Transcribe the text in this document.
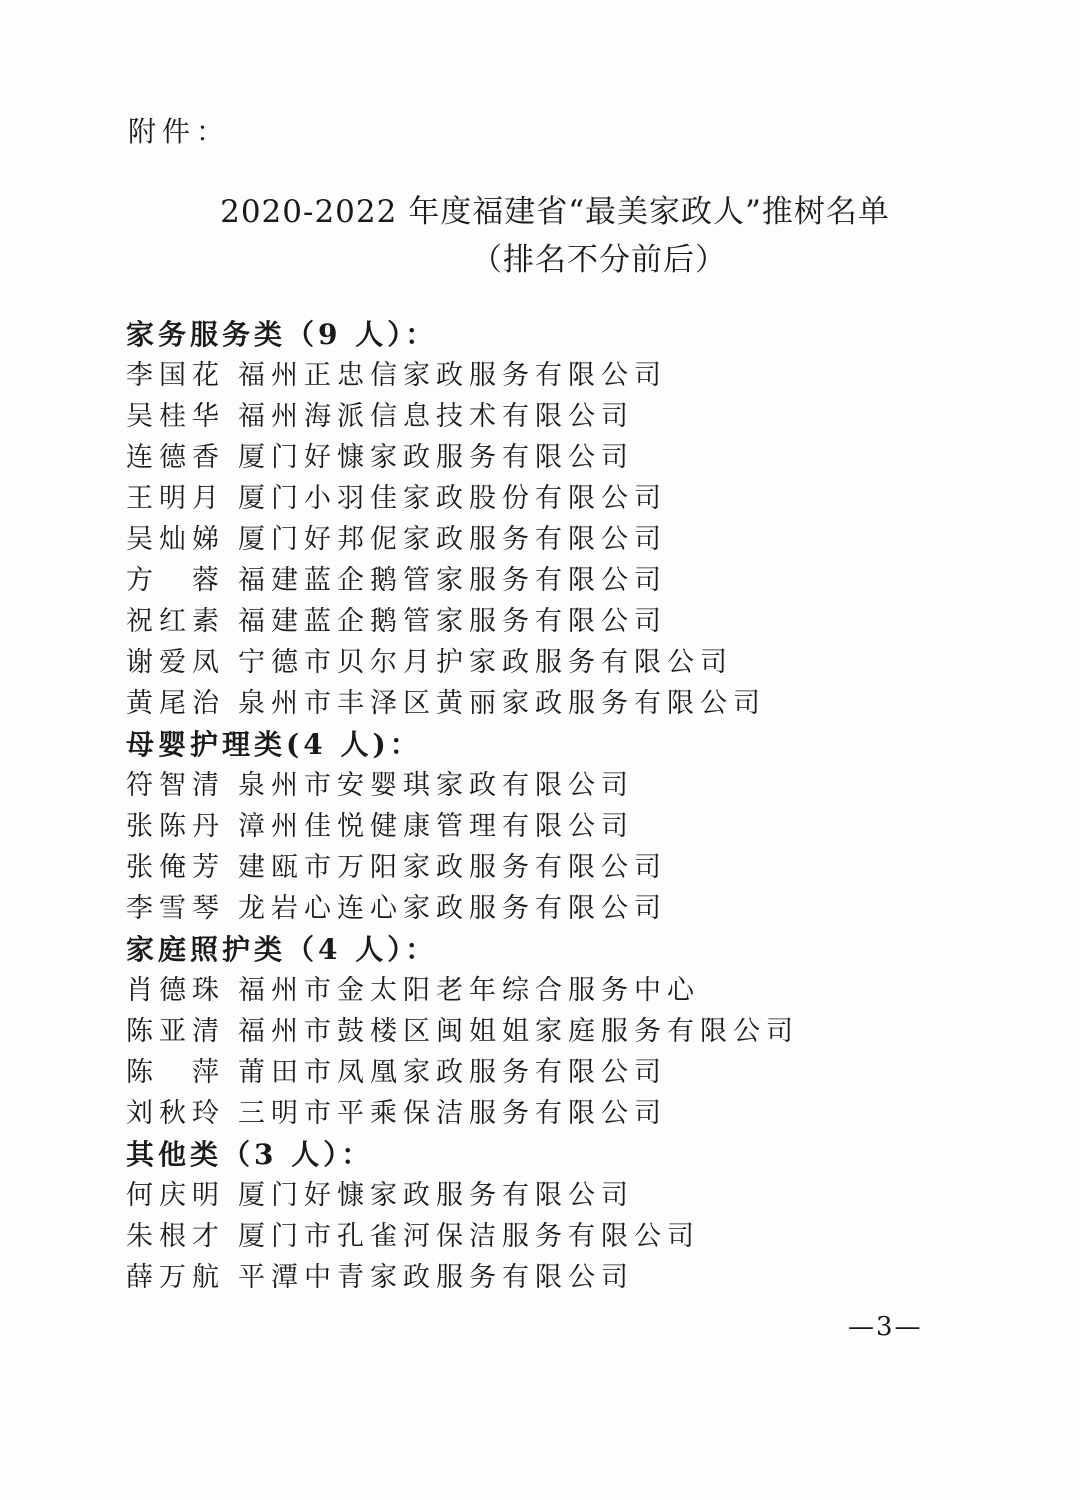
附件：
2020-2022 年度福建省“最美家政人”推树名单
（排名不分前后）
家务服务类（9 人）：
李国花 福州正忠信家政服务有限公司
吴桂华 福州海派信息技术有限公司
连德香 厦门好慷家政服务有限公司
王明月 厦门小羽佳家政股份有限公司
吴灿娣 厦门好邦伲家政服务有限公司
方　蓉 福建蓝企鹅管家服务有限公司
祝红素 福建蓝企鹅管家服务有限公司
谢爱凤 宁德市贝尔月护家政服务有限公司
黄尾治 泉州市丰泽区黄丽家政服务有限公司
母婴护理类(4 人)：
符智清 泉州市安婴琪家政有限公司
张陈丹 漳州佳悦健康管理有限公司
张俺芳 建瓯市万阳家政服务有限公司
李雪琴 龙岩心连心家政服务有限公司
家庭照护类（4 人）：
肖德珠 福州市金太阳老年综合服务中心
陈亚清 福州市鼓楼区闽姐姐家庭服务有限公司
陈　萍 莆田市凤凰家政服务有限公司
刘秋玲 三明市平乘保洁服务有限公司
其他类（3 人）：
何庆明 厦门好慷家政服务有限公司
朱根才 厦门市孔雀河保洁服务有限公司
薛万航 平潭中青家政服务有限公司
—3—
